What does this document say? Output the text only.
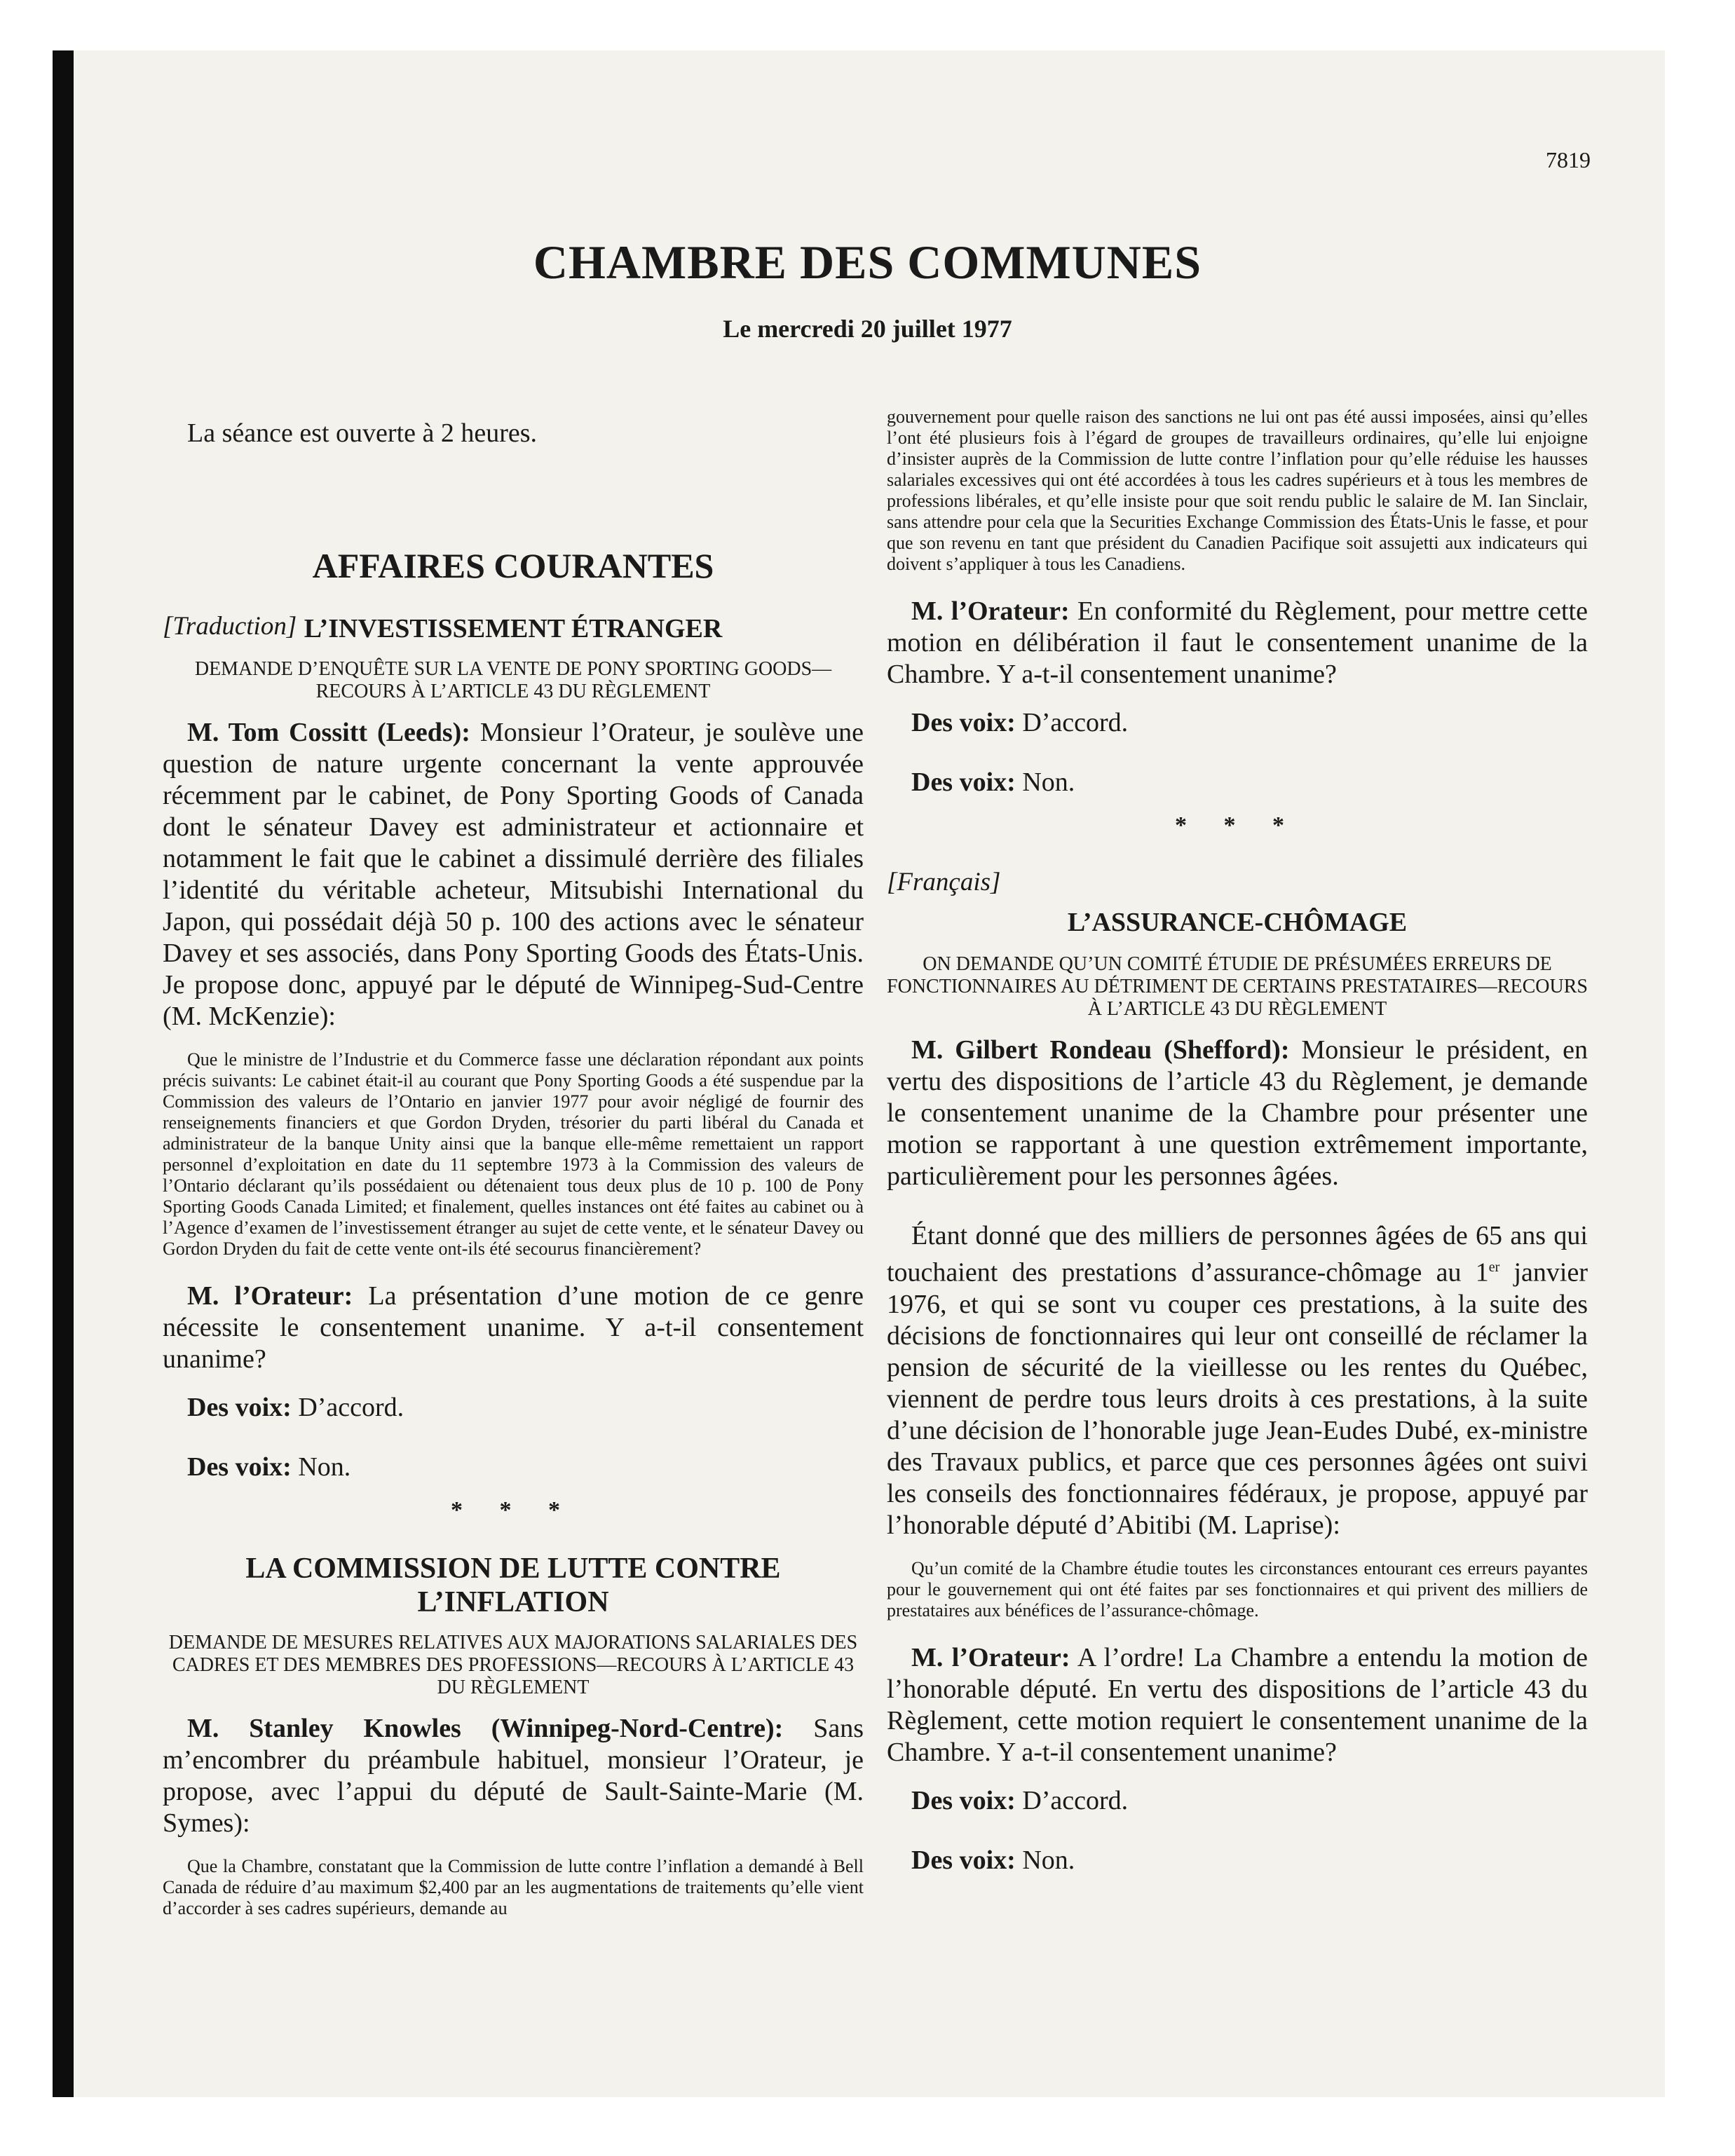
7819
CHAMBRE DES COMMUNES
Le mercredi 20 juillet 1977

La séance est ouverte à 2 heures.

AFFAIRES COURANTES
[Traduction] L’INVESTISSEMENT ÉTRANGER
DEMANDE D’ENQUÊTE SUR LA VENTE DE PONY SPORTING GOODS—RECOURS À L’ARTICLE 43 DU RÈGLEMENT

M. Tom Cossitt (Leeds): Monsieur l’Orateur, je soulève une question de nature urgente concernant la vente approuvée récemment par le cabinet, de Pony Sporting Goods of Canada dont le sénateur Davey est administrateur et actionnaire et notamment le fait que le cabinet a dissimulé derrière des filiales l’identité du véritable acheteur, Mitsubishi International du Japon, qui possédait déjà 50 p. 100 des actions avec le sénateur Davey et ses associés, dans Pony Sporting Goods des États-Unis. Je propose donc, appuyé par le député de Winnipeg-Sud-Centre (M. McKenzie):

Que le ministre de l’Industrie et du Commerce fasse une déclaration répondant aux points précis suivants: Le cabinet était-il au courant que Pony Sporting Goods a été suspendue par la Commission des valeurs de l’Ontario en janvier 1977 pour avoir négligé de fournir des renseignements financiers et que Gordon Dryden, trésorier du parti libéral du Canada et administrateur de la banque Unity ainsi que la banque elle-même remettaient un rapport personnel d’exploitation en date du 11 septembre 1973 à la Commission des valeurs de l’Ontario déclarant qu’ils possédaient ou détenaient tous deux plus de 10 p. 100 de Pony Sporting Goods Canada Limited; et finalement, quelles instances ont été faites au cabinet ou à l’Agence d’examen de l’investissement étranger au sujet de cette vente, et le sénateur Davey ou Gordon Dryden du fait de cette vente ont-ils été secourus financièrement?

M. l’Orateur: La présentation d’une motion de ce genre nécessite le consentement unanime. Y a-t-il consentement unanime?

Des voix: D’accord.

Des voix: Non.

* * *
LA COMMISSION DE LUTTE CONTRE L’INFLATION
DEMANDE DE MESURES RELATIVES AUX MAJORATIONS SALARIALES DES CADRES ET DES MEMBRES DES PROFESSIONS—RECOURS À L’ARTICLE 43 DU RÈGLEMENT

M. Stanley Knowles (Winnipeg-Nord-Centre): Sans m’encombrer du préambule habituel, monsieur l’Orateur, je propose, avec l’appui du député de Sault-Sainte-Marie (M. Symes):

Que la Chambre, constatant que la Commission de lutte contre l’inflation a demandé à Bell Canada de réduire d’au maximum $2,400 par an les augmentations de traitements qu’elle vient d’accorder à ses cadres supérieurs, demande au

gouvernement pour quelle raison des sanctions ne lui ont pas été aussi imposées, ainsi qu’elles l’ont été plusieurs fois à l’égard de groupes de travailleurs ordinaires, qu’elle lui enjoigne d’insister auprès de la Commission de lutte contre l’inflation pour qu’elle réduise les hausses salariales excessives qui ont été accordées à tous les cadres supérieurs et à tous les membres de professions libérales, et qu’elle insiste pour que soit rendu public le salaire de M. Ian Sinclair, sans attendre pour cela que la Securities Exchange Commission des États-Unis le fasse, et pour que son revenu en tant que président du Canadien Pacifique soit assujetti aux indicateurs qui doivent s’appliquer à tous les Canadiens.

M. l’Orateur: En conformité du Règlement, pour mettre cette motion en délibération il faut le consentement unanime de la Chambre. Y a-t-il consentement unanime?

Des voix: D’accord.

Des voix: Non.

* * *
[Français]
L’ASSURANCE-CHÔMAGE
ON DEMANDE QU’UN COMITÉ ÉTUDIE DE PRÉSUMÉES ERREURS DE FONCTIONNAIRES AU DÉTRIMENT DE CERTAINS PRESTATAIRES—RECOURS À L’ARTICLE 43 DU RÈGLEMENT

M. Gilbert Rondeau (Shefford): Monsieur le président, en vertu des dispositions de l’article 43 du Règlement, je demande le consentement unanime de la Chambre pour présenter une motion se rapportant à une question extrêmement importante, particulièrement pour les personnes âgées.

Étant donné que des milliers de personnes âgées de 65 ans qui touchaient des prestations d’assurance-chômage au 1er janvier 1976, et qui se sont vu couper ces prestations, à la suite des décisions de fonctionnaires qui leur ont conseillé de réclamer la pension de sécurité de la vieillesse ou les rentes du Québec, viennent de perdre tous leurs droits à ces prestations, à la suite d’une décision de l’honorable juge Jean-Eudes Dubé, ex-ministre des Travaux publics, et parce que ces personnes âgées ont suivi les conseils des fonctionnaires fédéraux, je propose, appuyé par l’honorable député d’Abitibi (M. Laprise):

Qu’un comité de la Chambre étudie toutes les circonstances entourant ces erreurs payantes pour le gouvernement qui ont été faites par ses fonctionnaires et qui privent des milliers de prestataires aux bénéfices de l’assurance-chômage.

M. l’Orateur: A l’ordre! La Chambre a entendu la motion de l’honorable député. En vertu des dispositions de l’article 43 du Règlement, cette motion requiert le consentement unanime de la Chambre. Y a-t-il consentement unanime?

Des voix: D’accord.

Des voix: Non.
